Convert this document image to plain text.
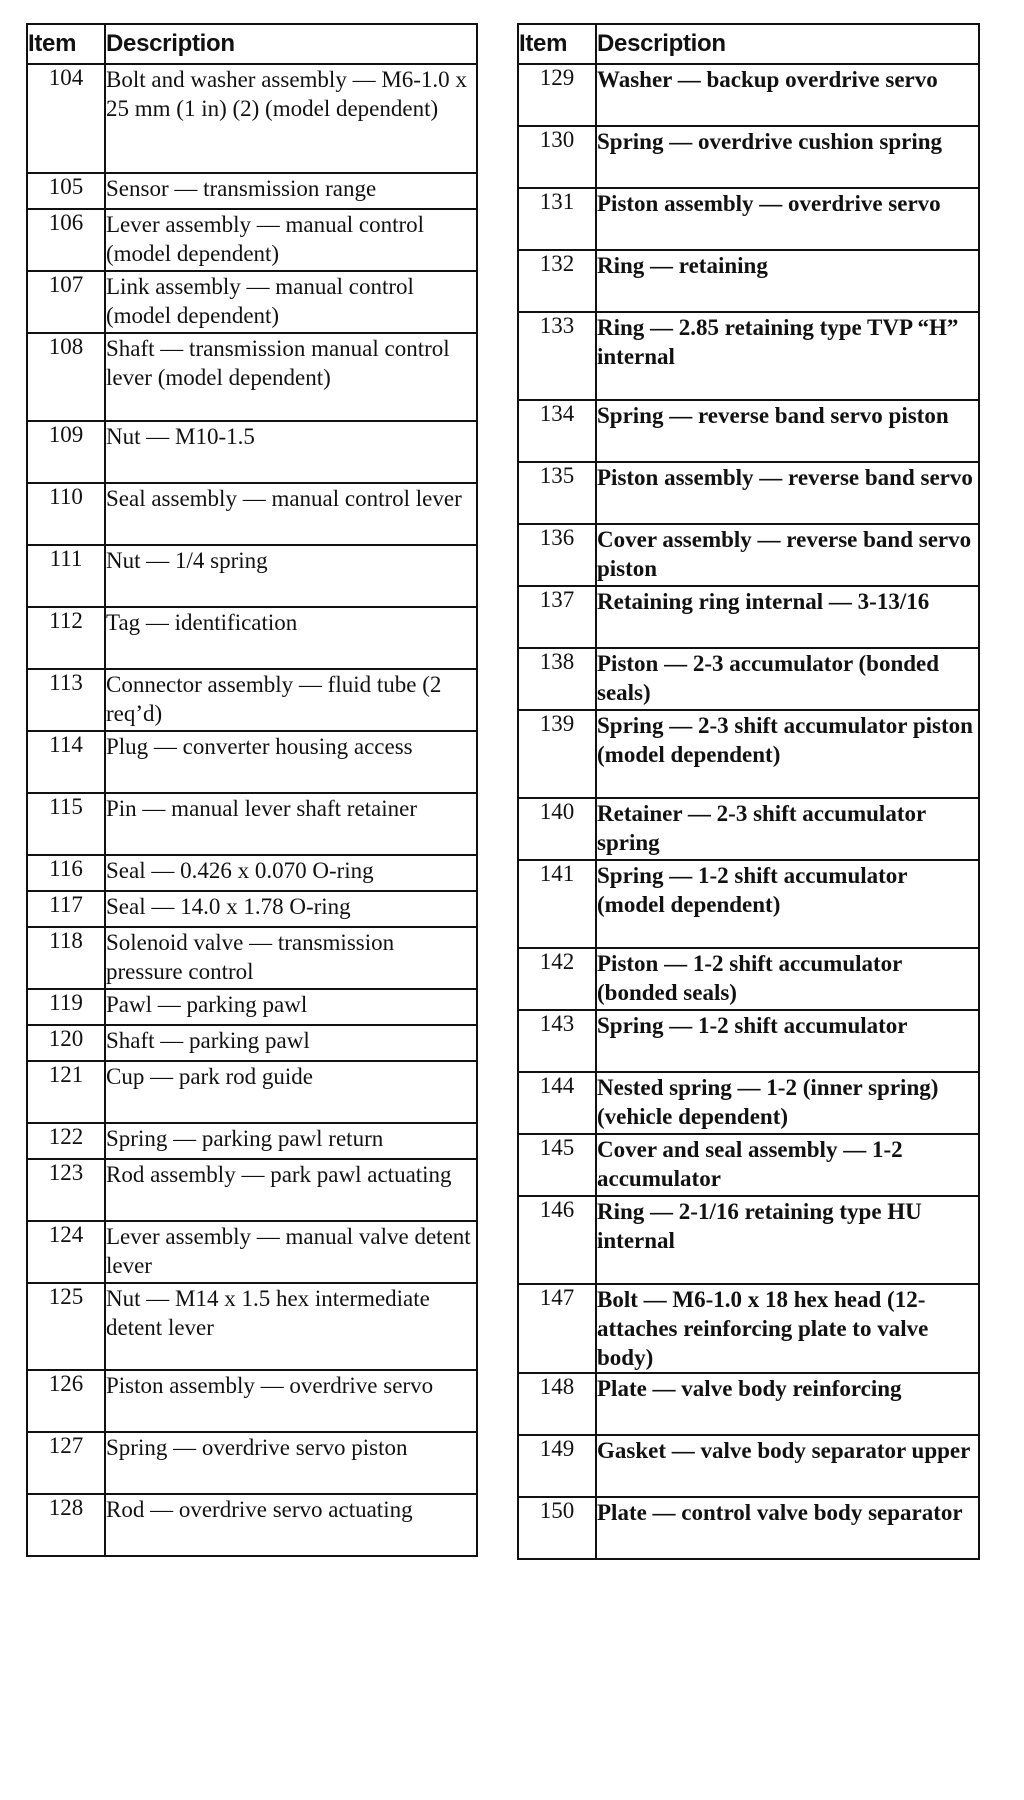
Item	Description
104	Bolt and washer assembly — M6-1.0 x 25 mm (1 in) (2) (model dependent)
105	Sensor — transmission range
106	Lever assembly — manual control (model dependent)
107	Link assembly — manual control (model dependent)
108	Shaft — transmission manual control lever (model dependent)
109	Nut — M10-1.5
110	Seal assembly — manual control lever
111	Nut — 1/4 spring
112	Tag — identification
113	Connector assembly — fluid tube (2 req’d)
114	Plug — converter housing access
115	Pin — manual lever shaft retainer
116	Seal — 0.426 x 0.070 O-ring
117	Seal — 14.0 x 1.78 O-ring
118	Solenoid valve — transmission pressure control
119	Pawl — parking pawl
120	Shaft — parking pawl
121	Cup — park rod guide
122	Spring — parking pawl return
123	Rod assembly — park pawl actuating
124	Lever assembly — manual valve detent lever
125	Nut — M14 x 1.5 hex intermediate detent lever
126	Piston assembly — overdrive servo
127	Spring — overdrive servo piston
128	Rod — overdrive servo actuating
Item	Description
129	Washer — backup overdrive servo
130	Spring — overdrive cushion spring
131	Piston assembly — overdrive servo
132	Ring — retaining
133	Ring — 2.85 retaining type TVP “H” internal
134	Spring — reverse band servo piston
135	Piston assembly — reverse band servo
136	Cover assembly — reverse band servo piston
137	Retaining ring internal — 3-13/16
138	Piston — 2-3 accumulator (bonded seals)
139	Spring — 2-3 shift accumulator piston (model dependent)
140	Retainer — 2-3 shift accumulator spring
141	Spring — 1-2 shift accumulator (model dependent)
142	Piston — 1-2 shift accumulator (bonded seals)
143	Spring — 1-2 shift accumulator
144	Nested spring — 1-2 (inner spring) (vehicle dependent)
145	Cover and seal assembly — 1-2 accumulator
146	Ring — 2-1/16 retaining type HU internal
147	Bolt — M6-1.0 x 18 hex head (12-attaches reinforcing plate to valve body)
148	Plate — valve body reinforcing
149	Gasket — valve body separator upper
150	Plate — control valve body separator
